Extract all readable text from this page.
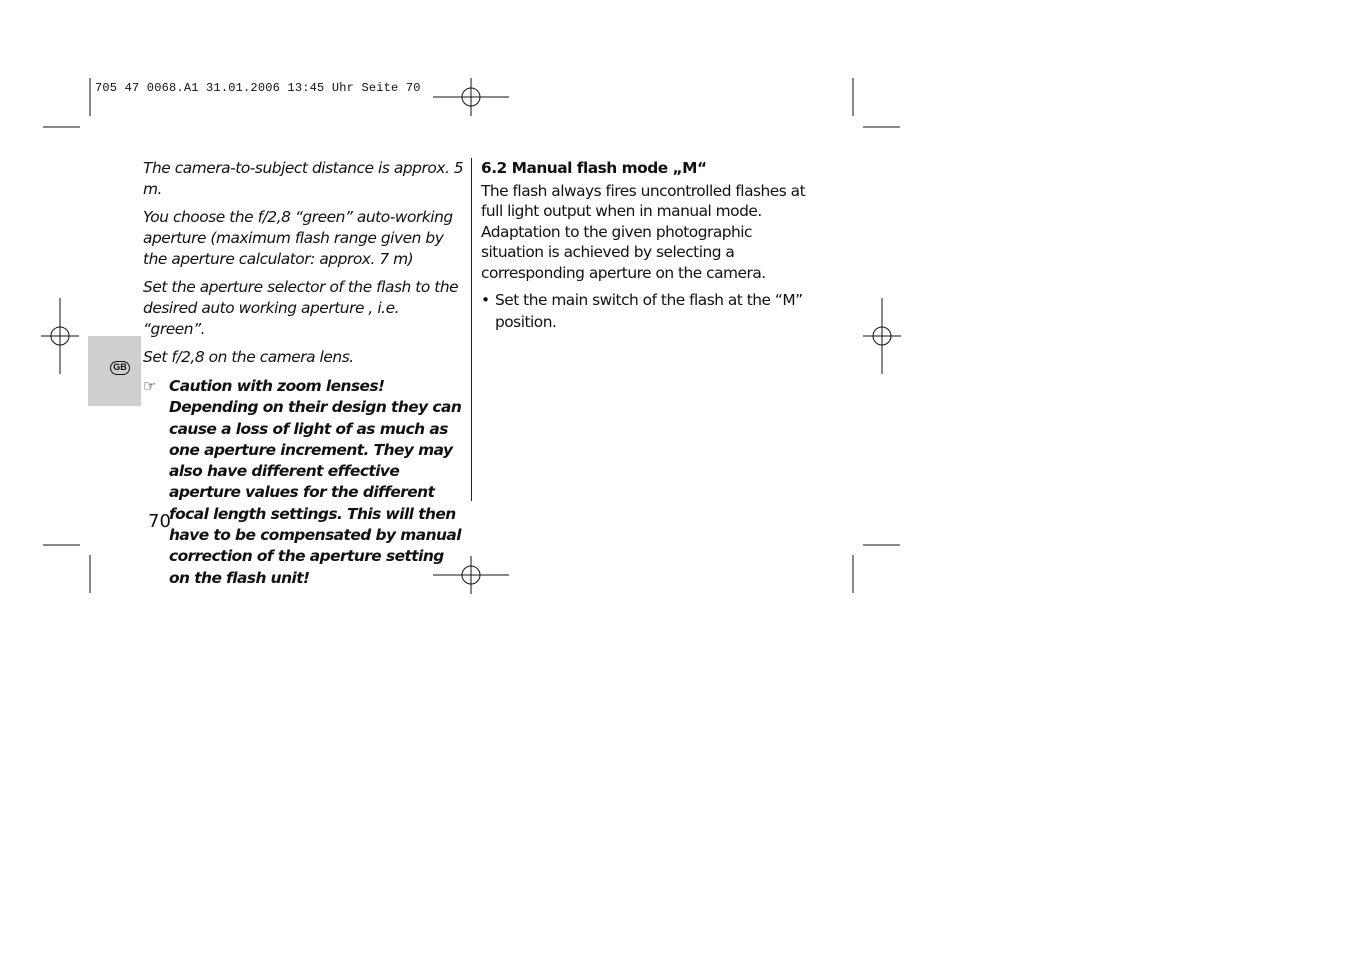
705 47 0068.A1 31.01.2006 13:45 Uhr Seite 70
GB

The camera-to-subject distance is approx. 5 m.

You choose the f/2,8 “green” auto-working aperture (maximum flash range given by the aperture calculator: approx. 7 m)

Set the aperture selector of the flash to the desired auto working aperture , i.e. “green”.

Set f/2,8 on the camera lens.

☞ Caution with zoom lenses! Depending on their design they can cause a loss of light of as much as one aperture increment. They may also have different effective aperture values for the different focal length settings. This will then have to be compensated by manual correction of the aperture setting on the flash unit!
6.2 Manual flash mode „M“

The flash always fires uncontrolled flashes at full light output when in manual mode. Adaptation to the given photographic situation is achieved by selecting a corresponding aperture on the camera.

• Set the main switch of the flash at the “M” position.
70
